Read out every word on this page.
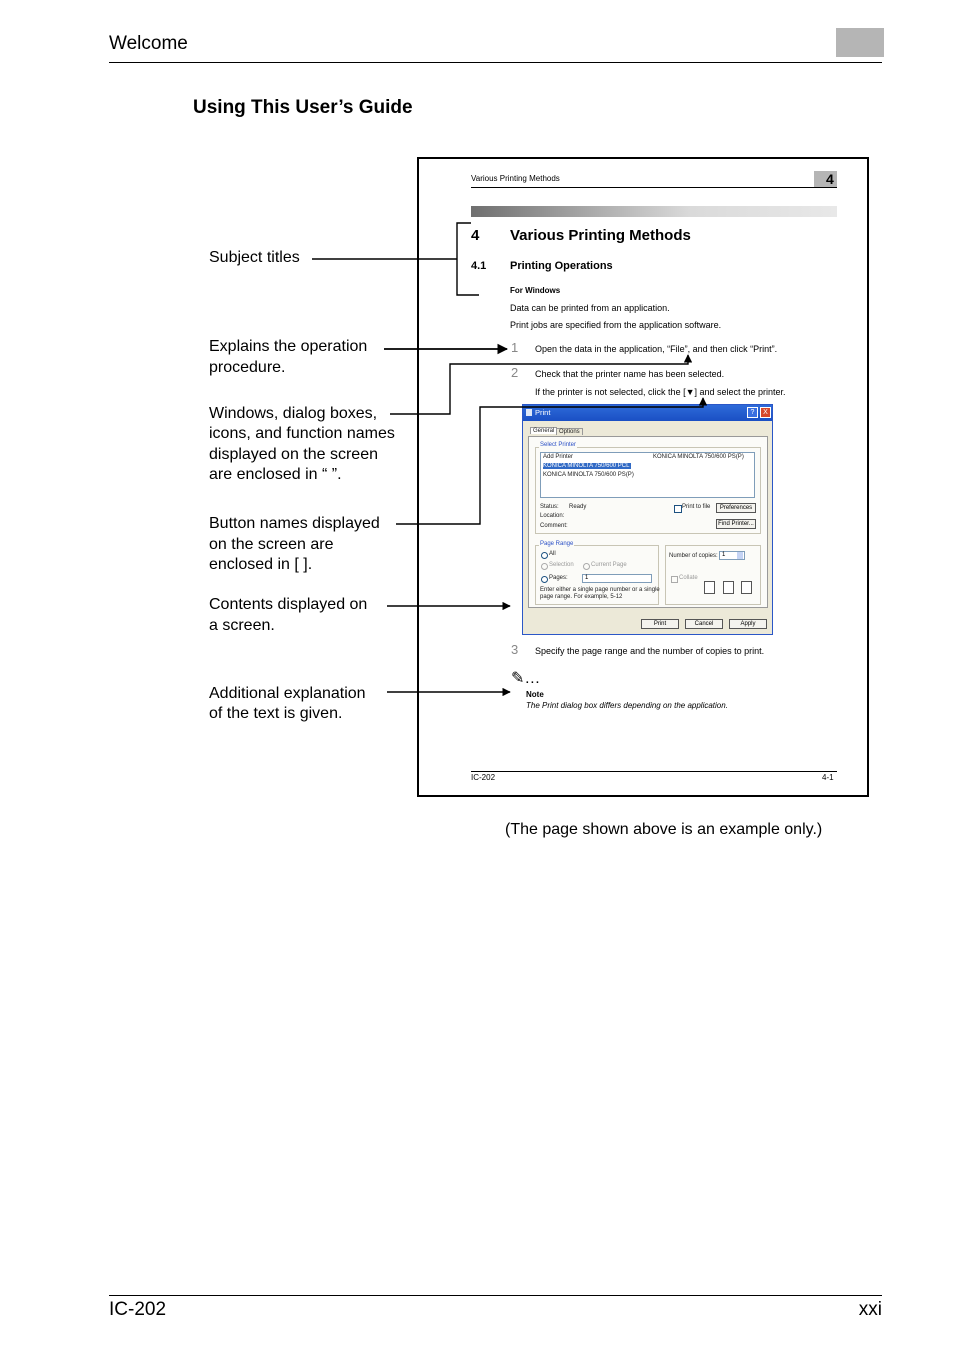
Welcome
Using This User’s Guide
Various Printing Methods	4
4 Various Printing Methods
4.1 Printing Operations
For Windows
Data can be printed from an application.
Print jobs are specified from the application software.
1 Open the data in the application, “File”, and then click “Print”.
2 Check that the printer name has been selected.
If the printer is not selected, click the [▼] and select the printer.
Print	?	X
General Options
Select Printer
Add Printer
KONICA MINOLTA 750/600 PCL
KONICA MINOLTA 750/600 PS(P)
KONICA MINOLTA 750/600 PS(P)
Status: Ready
Location:
Comment:
Print to file	Preferences
Find Printer...
Page Range
All
Selection	Current Page
Pages:	1
Enter either a single page number or a single
page range. For example, 5-12
Number of copies: 1
Collate
Print	Cancel	Apply
3 Specify the page range and the number of copies to print.
✎…
Note
The Print dialog box differs depending on the application.
IC-202	4-1
Subject titles
Explains the operation
procedure.
Windows, dialog boxes,
icons, and function names
displayed on the screen
are enclosed in “ ”.
Button names displayed
on the screen are
enclosed in [ ].
Contents displayed on
a screen.
Additional explanation
of the text is given.
(The page shown above is an example only.)
IC-202	xxi
